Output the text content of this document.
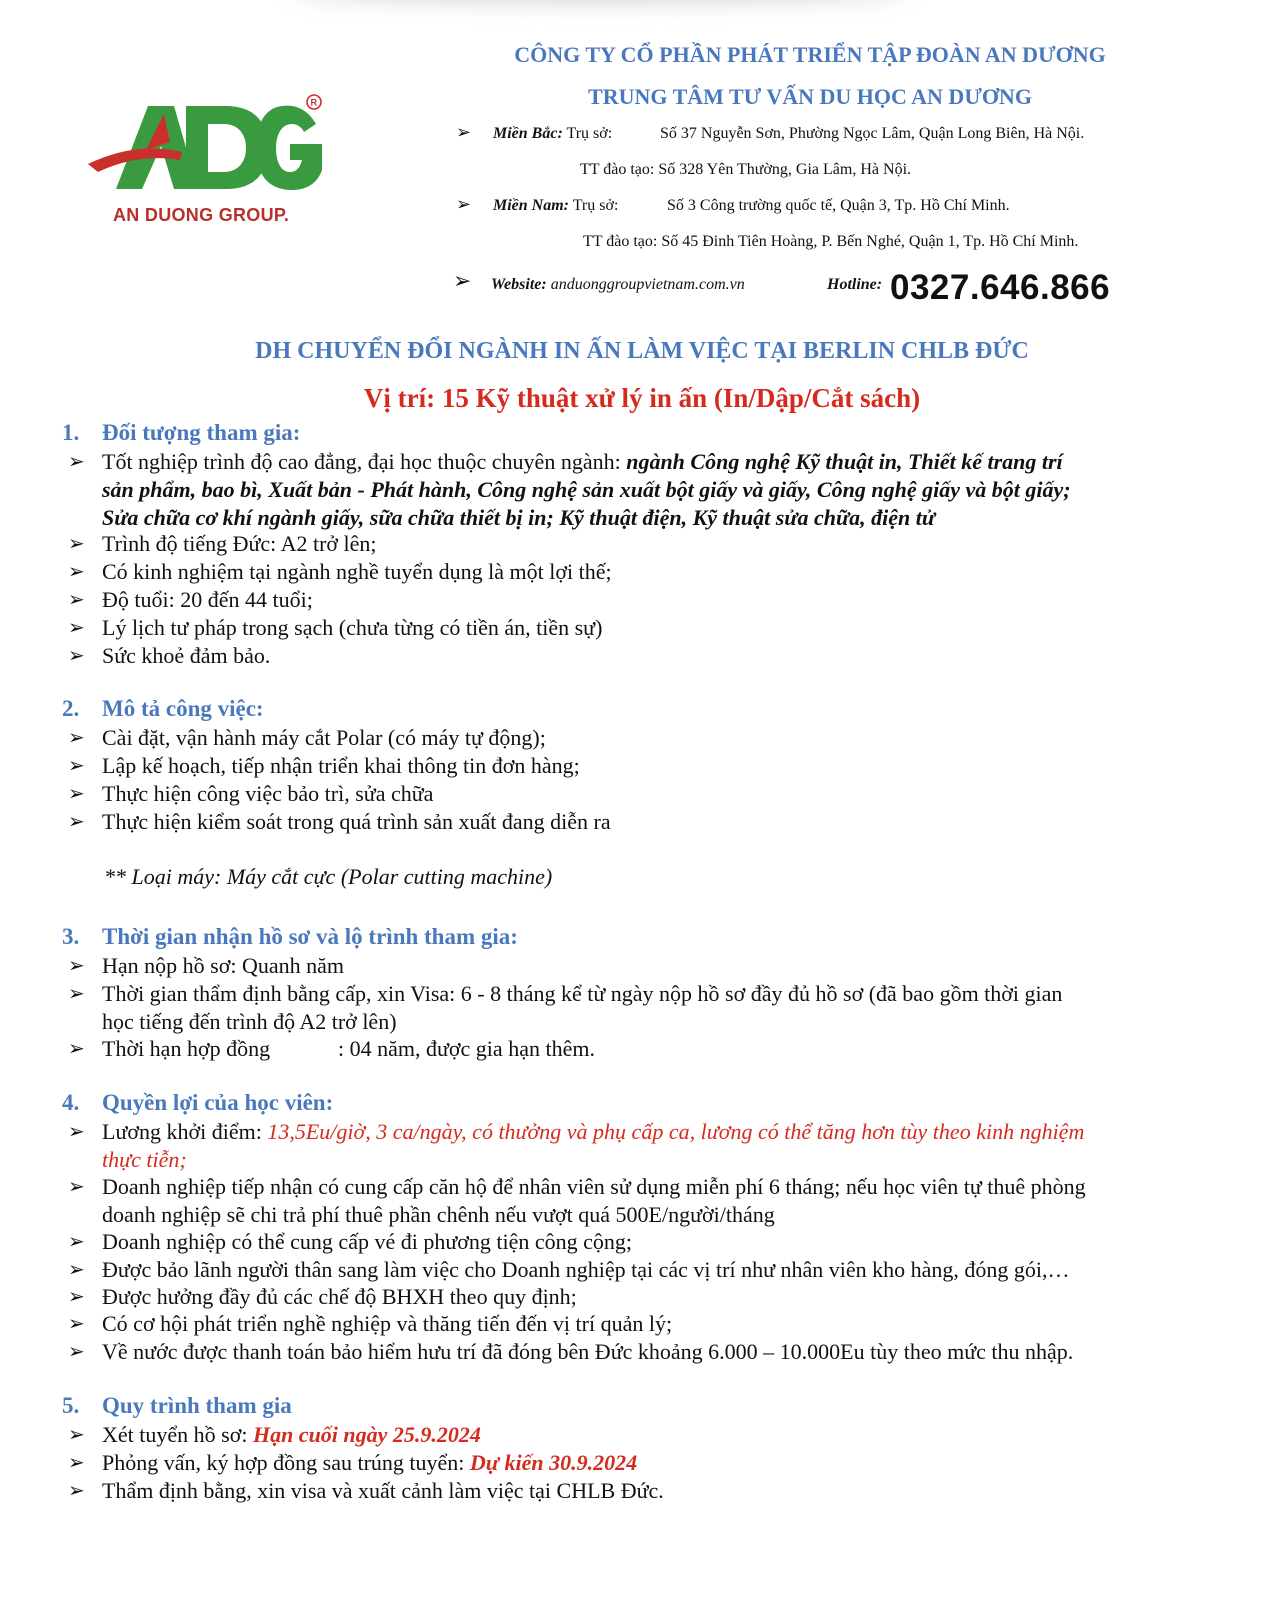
R
AN DUONG GROUP.
CÔNG TY CỔ PHẦN PHÁT TRIỂN TẬP ĐOÀN AN DƯƠNG
TRUNG TÂM TƯ VẤN DU HỌC AN DƯƠNG
➢ Miền Bắc: Trụ sở:	Số 37 Nguyễn Sơn, Phường Ngọc Lâm, Quận Long Biên, Hà Nội.
TT đào tạo: Số 328 Yên Thường, Gia Lâm, Hà Nội.
➢ Miền Nam: Trụ sở:	Số 3 Công trường quốc tế, Quận 3, Tp. Hồ Chí Minh.
TT đào tạo: Số 45 Đinh Tiên Hoàng, P. Bến Nghé, Quận 1, Tp. Hồ Chí Minh.
➢ Website: anduonggroupvietnam.com.vn	Hotline: 0327.646.866
DH CHUYỂN ĐỔI NGÀNH IN ẤN LÀM VIỆC TẠI BERLIN CHLB ĐỨC
Vị trí: 15 Kỹ thuật xử lý in ấn (In/Dập/Cắt sách)
1. Đối tượng tham gia:
➢ Tốt nghiệp trình độ cao đẳng, đại học thuộc chuyên ngành: ngành Công nghệ Kỹ thuật in, Thiết kế trang trí
sản phẩm, bao bì, Xuất bản - Phát hành, Công nghệ sản xuất bột giấy và giấy, Công nghệ giấy và bột giấy;
Sửa chữa cơ khí ngành giấy, sữa chữa thiết bị in; Kỹ thuật điện, Kỹ thuật sửa chữa, điện tử
➢ Trình độ tiếng Đức: A2 trở lên;
➢ Có kinh nghiệm tại ngành nghề tuyển dụng là một lợi thế;
➢ Độ tuổi: 20 đến 44 tuổi;
➢ Lý lịch tư pháp trong sạch (chưa từng có tiền án, tiền sự)
➢ Sức khoẻ đảm bảo.
2. Mô tả công việc:
➢ Cài đặt, vận hành máy cắt Polar (có máy tự động);
➢ Lập kế hoạch, tiếp nhận triển khai thông tin đơn hàng;
➢ Thực hiện công việc bảo trì, sửa chữa
➢ Thực hiện kiểm soát trong quá trình sản xuất đang diễn ra
** Loại máy: Máy cắt cực (Polar cutting machine)
3. Thời gian nhận hồ sơ và lộ trình tham gia:
➢ Hạn nộp hồ sơ: Quanh năm
➢ Thời gian thẩm định bằng cấp, xin Visa: 6 - 8 tháng kể từ ngày nộp hồ sơ đầy đủ hồ sơ (đã bao gồm thời gian
học tiếng đến trình độ A2 trở lên)
➢ Thời hạn hợp đồng	: 04 năm, được gia hạn thêm.
4. Quyền lợi của học viên:
➢ Lương khởi điểm: 13,5Eu/giờ, 3 ca/ngày, có thưởng và phụ cấp ca, lương có thể tăng hơn tùy theo kinh nghiệm
thực tiễn;
➢ Doanh nghiệp tiếp nhận có cung cấp căn hộ để nhân viên sử dụng miễn phí 6 tháng; nếu học viên tự thuê phòng
doanh nghiệp sẽ chi trả phí thuê phần chênh nếu vượt quá 500E/người/tháng
➢ Doanh nghiệp có thể cung cấp vé đi phương tiện công cộng;
➢ Được bảo lãnh người thân sang làm việc cho Doanh nghiệp tại các vị trí như nhân viên kho hàng, đóng gói,…
➢ Được hưởng đầy đủ các chế độ BHXH theo quy định;
➢ Có cơ hội phát triển nghề nghiệp và thăng tiến đến vị trí quản lý;
➢ Về nước được thanh toán bảo hiểm hưu trí đã đóng bên Đức khoảng 6.000 – 10.000Eu tùy theo mức thu nhập.
5. Quy trình tham gia
➢ Xét tuyển hồ sơ: Hạn cuối ngày 25.9.2024
➢ Phỏng vấn, ký hợp đồng sau trúng tuyển: Dự kiến 30.9.2024
➢ Thẩm định bằng, xin visa và xuất cảnh làm việc tại CHLB Đức.
